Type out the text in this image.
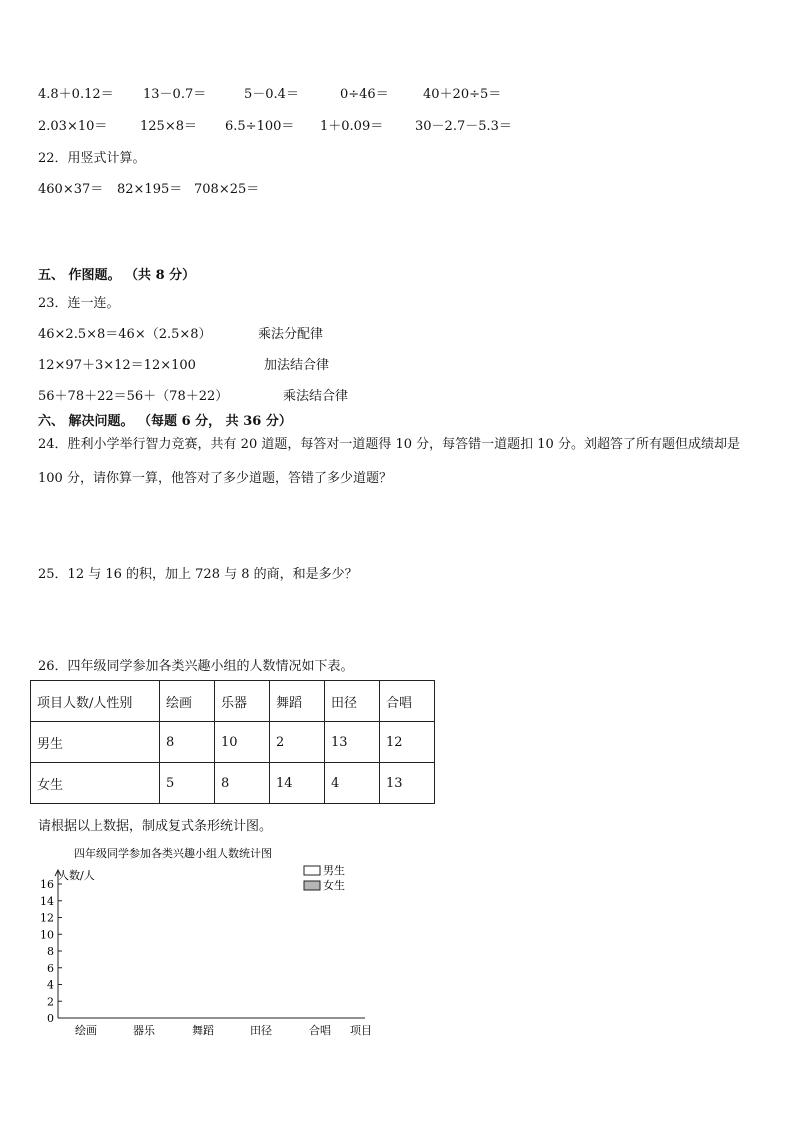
4.8＋0.12＝ 13－0.7＝	5－0.4＝	0÷46＝	40＋20÷5＝
2.03×10＝	125×8＝ 6.5÷100＝ 1＋0.09＝ 30－2.7－5.3＝
22．用竖式计算。
460×37＝ 82×195＝ 708×25＝
五、 作图题。 （共 8 分）
23．连一连。
46×2.5×8＝46×（2.5×8）	乘法分配律
12×97＋3×12＝12×100	加法结合律
56＋78＋22＝56＋（78＋22）	乘法结合律
六、 解决问题。 （每题 6 分， 共 36 分）
24．胜利小学举行智力竞赛，共有 20 道题，每答对一道题得 10 分，每答错一道题扣 10 分。刘超答了所有题但成绩却是 100 分，请你算一算，他答对了多少道题，答错了多少道题？
25．12 与 16 的积，加上 728 与 8 的商，和是多少？
26．四年级同学参加各类兴趣小组的人数情况如下表。
项目人数/人性别	绘画	乐器	舞蹈	田径	合唱
男生	8	10	2	13	12
女生	5	8	14	4	13
请根据以上数据，制成复式条形统计图。
四年级同学参加各类兴趣小组人数统计图
人数/人	男生
女生
0
2
4
6
8
10
12
14
16
绘画	器乐	舞蹈	田径	合唱 项目
